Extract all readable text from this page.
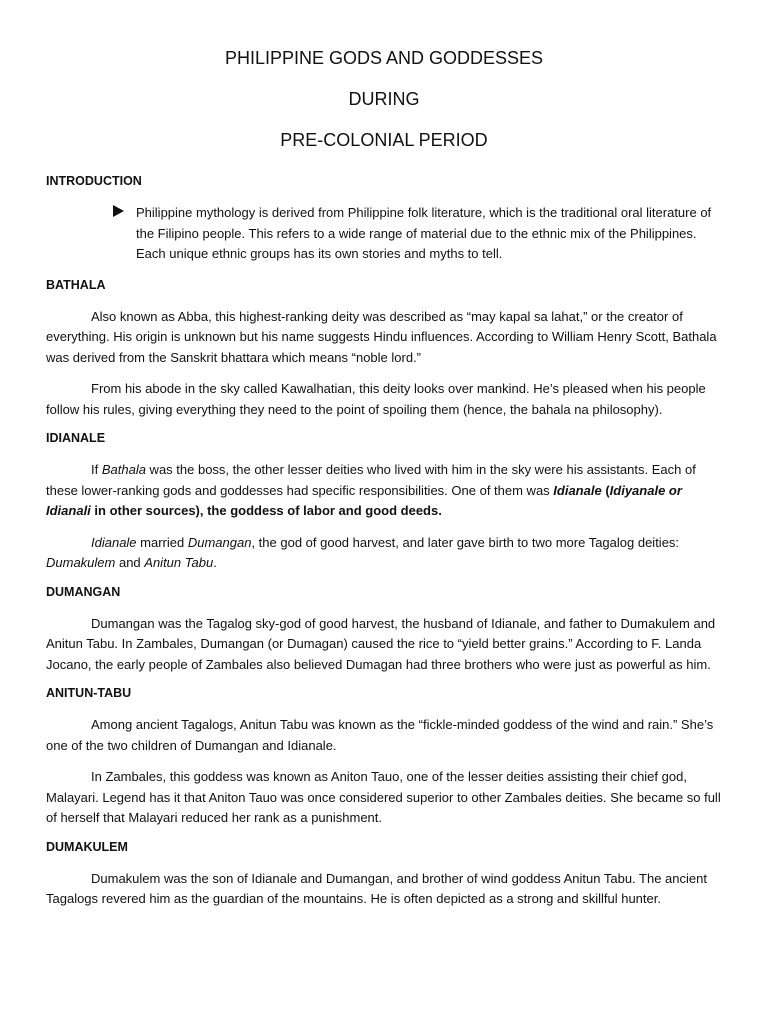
PHILIPPINE GODS AND GODDESSES
DURING
PRE-COLONIAL PERIOD
INTRODUCTION
Philippine mythology is derived from Philippine folk literature, which is the traditional oral literature of the Filipino people. This refers to a wide range of material due to the ethnic mix of the Philippines. Each unique ethnic groups has its own stories and myths to tell.
BATHALA

Also known as Abba, this highest-ranking deity was described as “may kapal sa lahat,” or the creator of everything. His origin is unknown but his name suggests Hindu influences. According to William Henry Scott, Bathala was derived from the Sanskrit bhattara which means “noble lord.”

From his abode in the sky called Kawalhatian, this deity looks over mankind. He’s pleased when his people follow his rules, giving everything they need to the point of spoiling them (hence, the bahala na philosophy).

IDIANALE

If Bathala was the boss, the other lesser deities who lived with him in the sky were his assistants. Each of these lower-ranking gods and goddesses had specific responsibilities. One of them was Idianale (Idiyanale or Idianali in other sources), the goddess of labor and good deeds.

Idianale married Dumangan, the god of good harvest, and later gave birth to two more Tagalog deities: Dumakulem and Anitun Tabu.

DUMANGAN

Dumangan was the Tagalog sky-god of good harvest, the husband of Idianale, and father to Dumakulem and Anitun Tabu. In Zambales, Dumangan (or Dumagan) caused the rice to “yield better grains.” According to F. Landa Jocano, the early people of Zambales also believed Dumagan had three brothers who were just as powerful as him.

ANITUN-TABU

Among ancient Tagalogs, Anitun Tabu was known as the “fickle-minded goddess of the wind and rain.” She’s one of the two children of Dumangan and Idianale.

In Zambales, this goddess was known as Aniton Tauo, one of the lesser deities assisting their chief god, Malayari. Legend has it that Aniton Tauo was once considered superior to other Zambales deities. She became so full of herself that Malayari reduced her rank as a punishment.

DUMAKULEM

Dumakulem was the son of Idianale and Dumangan, and brother of wind goddess Anitun Tabu. The ancient Tagalogs revered him as the guardian of the mountains. He is often depicted as a strong and skillful hunter.
